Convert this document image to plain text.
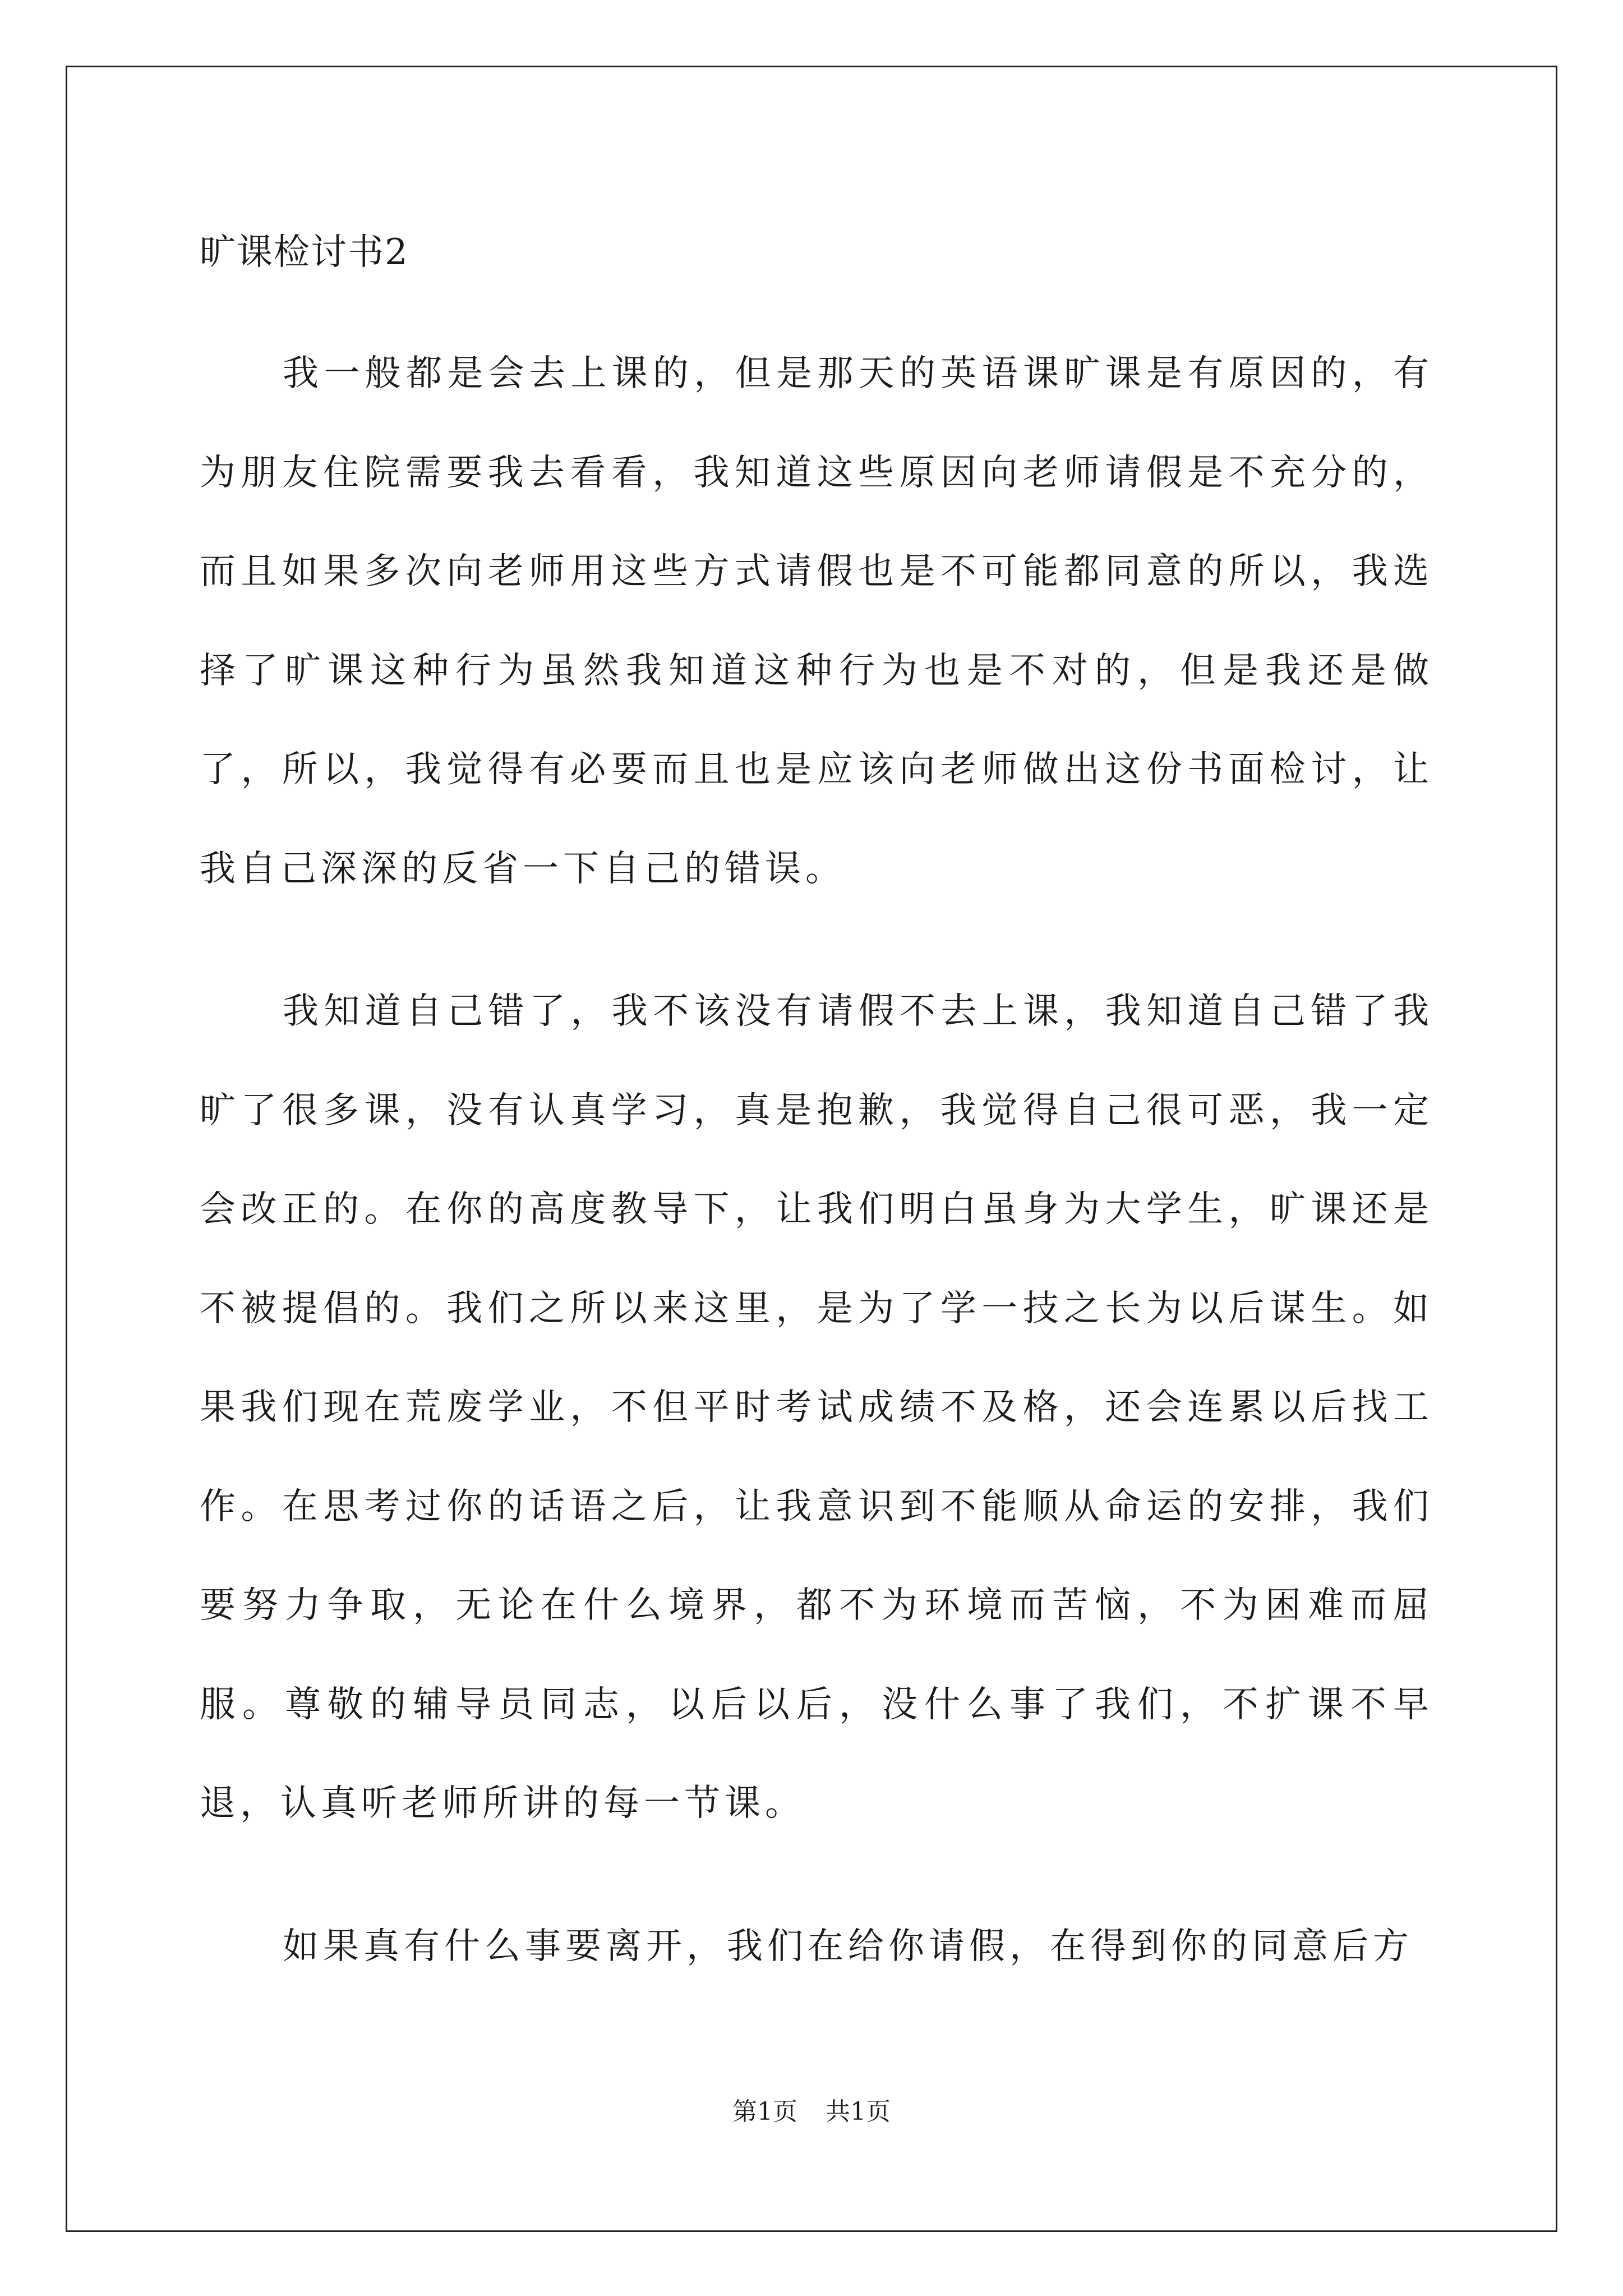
旷课检讨书2

我一般都是会去上课的，但是那天的英语课旷课是有原因的，有为朋友住院需要我去看看，我知道这些原因向老师请假是不充分的，而且如果多次向老师用这些方式请假也是不可能都同意的所以，我选择了旷课这种行为虽然我知道这种行为也是不对的，但是我还是做了，所以，我觉得有必要而且也是应该向老师做出这份书面检讨，让我自己深深的反省一下自己的错误。

我知道自己错了，我不该没有请假不去上课，我知道自己错了我旷了很多课，没有认真学习，真是抱歉，我觉得自己很可恶，我一定会改正的。在你的高度教导下，让我们明白虽身为大学生，旷课还是不被提倡的。我们之所以来这里，是为了学一技之长为以后谋生。如果我们现在荒废学业，不但平时考试成绩不及格，还会连累以后找工作。在思考过你的话语之后，让我意识到不能顺从命运的安排，我们要努力争取，无论在什么境界，都不为环境而苦恼，不为困难而屈服。尊敬的辅导员同志，以后以后，没什么事了我们，不扩课不早退，认真听老师所讲的每一节课。

如果真有什么事要离开，我们在给你请假，在得到你的同意后方

第1页 共1页
